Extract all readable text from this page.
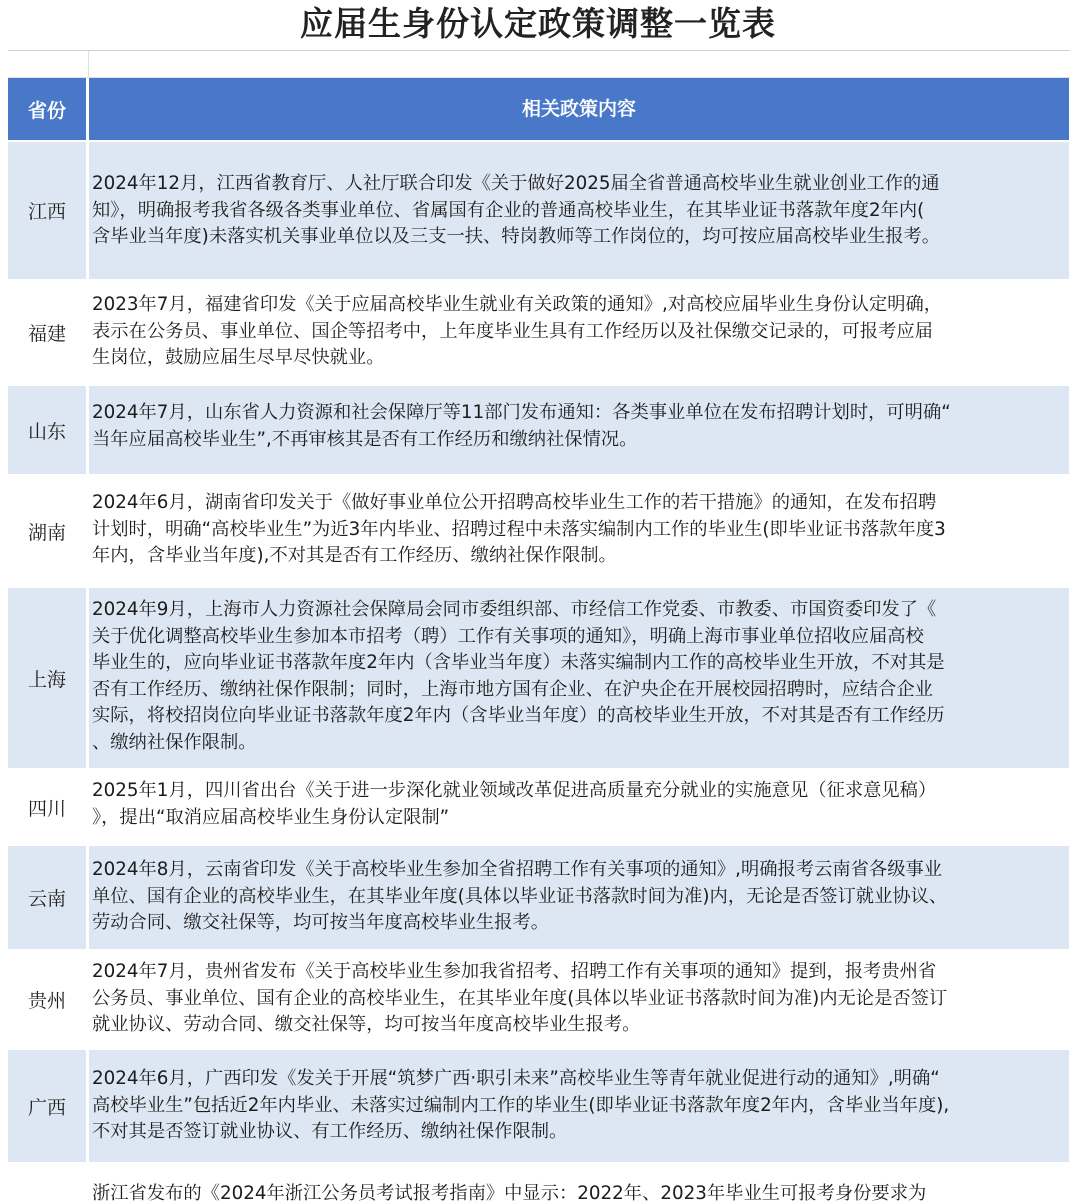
应届生身份认定政策调整一览表
省份	相关政策内容
江西
2024年12月，江西省教育厅、人社厅联合印发《关于做好2025届全省普通高校毕业生就业创业工作的通
知》，明确报考我省各级各类事业单位、省属国有企业的普通高校毕业生，在其毕业证书落款年度2年内(
含毕业当年度)未落实机关事业单位以及三支一扶、特岗教师等工作岗位的，均可按应届高校毕业生报考。
福建
2023年7月，福建省印发《关于应届高校毕业生就业有关政策的通知》,对高校应届毕业生身份认定明确，
表示在公务员、事业单位、国企等招考中，上年度毕业生具有工作经历以及社保缴交记录的，可报考应届
生岗位，鼓励应届生尽早尽快就业。
山东
2024年7月，山东省人力资源和社会保障厅等11部门发布通知：各类事业单位在发布招聘计划时，可明确“
当年应届高校毕业生”,不再审核其是否有工作经历和缴纳社保情况。
湖南
2024年6月，湖南省印发关于《做好事业单位公开招聘高校毕业生工作的若干措施》的通知，在发布招聘
计划时，明确“高校毕业生”为近3年内毕业、招聘过程中未落实编制内工作的毕业生(即毕业证书落款年度3
年内，含毕业当年度),不对其是否有工作经历、缴纳社保作限制。
上海
2024年9月，上海市人力资源社会保障局会同市委组织部、市经信工作党委、市教委、市国资委印发了《
关于优化调整高校毕业生参加本市招考（聘）工作有关事项的通知》，明确上海市事业单位招收应届高校
毕业生的，应向毕业证书落款年度2年内（含毕业当年度）未落实编制内工作的高校毕业生开放，不对其是
否有工作经历、缴纳社保作限制；同时，上海市地方国有企业、在沪央企在开展校园招聘时，应结合企业
实际，将校招岗位向毕业证书落款年度2年内（含毕业当年度）的高校毕业生开放，不对其是否有工作经历
、缴纳社保作限制。
四川
2025年1月，四川省出台《关于进一步深化就业领域改革促进高质量充分就业的实施意见（征求意见稿）
》，提出“取消应届高校毕业生身份认定限制”
云南
2024年8月，云南省印发《关于高校毕业生参加全省招聘工作有关事项的通知》,明确报考云南省各级事业
单位、国有企业的高校毕业生，在其毕业年度(具体以毕业证书落款时间为准)内，无论是否签订就业协议、
劳动合同、缴交社保等，均可按当年度高校毕业生报考。
贵州
2024年7月，贵州省发布《关于高校毕业生参加我省招考、招聘工作有关事项的通知》提到，报考贵州省
公务员、事业单位、国有企业的高校毕业生，在其毕业年度(具体以毕业证书落款时间为准)内无论是否签订
就业协议、劳动合同、缴交社保等，均可按当年度高校毕业生报考。
广西
2024年6月，广西印发《发关于开展“筑梦广西·职引未来”高校毕业生等青年就业促进行动的通知》,明确“
高校毕业生”包括近2年内毕业、未落实过编制内工作的毕业生(即毕业证书落款年度2年内，含毕业当年度),
不对其是否签订就业协议、有工作经历、缴纳社保作限制。
浙江省发布的《2024年浙江公务员考试报考指南》中显示：2022年、2023年毕业生可报考身份要求为
